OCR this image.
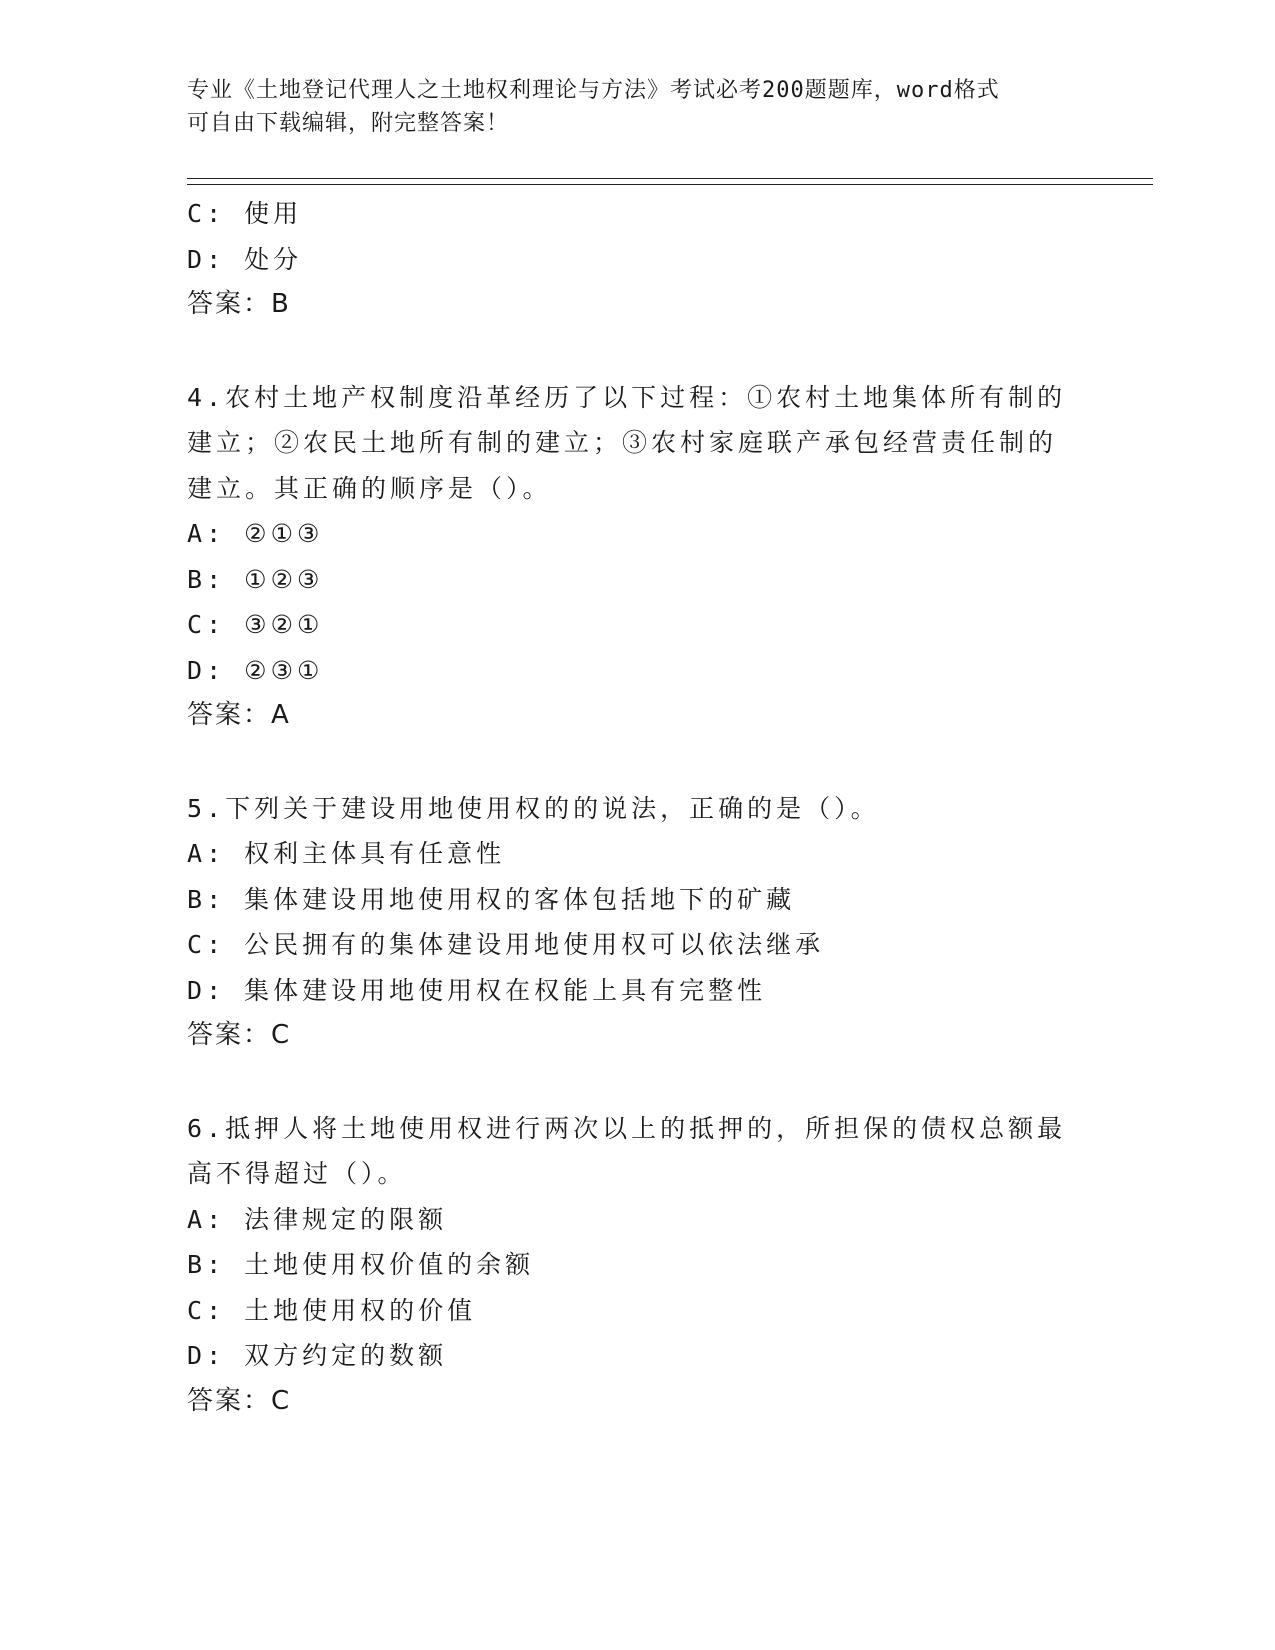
专业《土地登记代理人之土地权利理论与方法》考试必考200题题库，word格式
可自由下载编辑，附完整答案！
C: 使用
D: 处分
答案：B
4.农村土地产权制度沿革经历了以下过程：①农村土地集体所有制的
建立；②农民土地所有制的建立；③农村家庭联产承包经营责任制的
建立。其正确的顺序是（）。
A: ②①③
B: ①②③
C: ③②①
D: ②③①
答案：A
5.下列关于建设用地使用权的的说法，正确的是（）。
A: 权利主体具有任意性
B: 集体建设用地使用权的客体包括地下的矿藏
C: 公民拥有的集体建设用地使用权可以依法继承
D: 集体建设用地使用权在权能上具有完整性
答案：C
6.抵押人将土地使用权进行两次以上的抵押的，所担保的债权总额最
高不得超过（）。
A: 法律规定的限额
B: 土地使用权价值的余额
C: 土地使用权的价值
D: 双方约定的数额
答案：C
